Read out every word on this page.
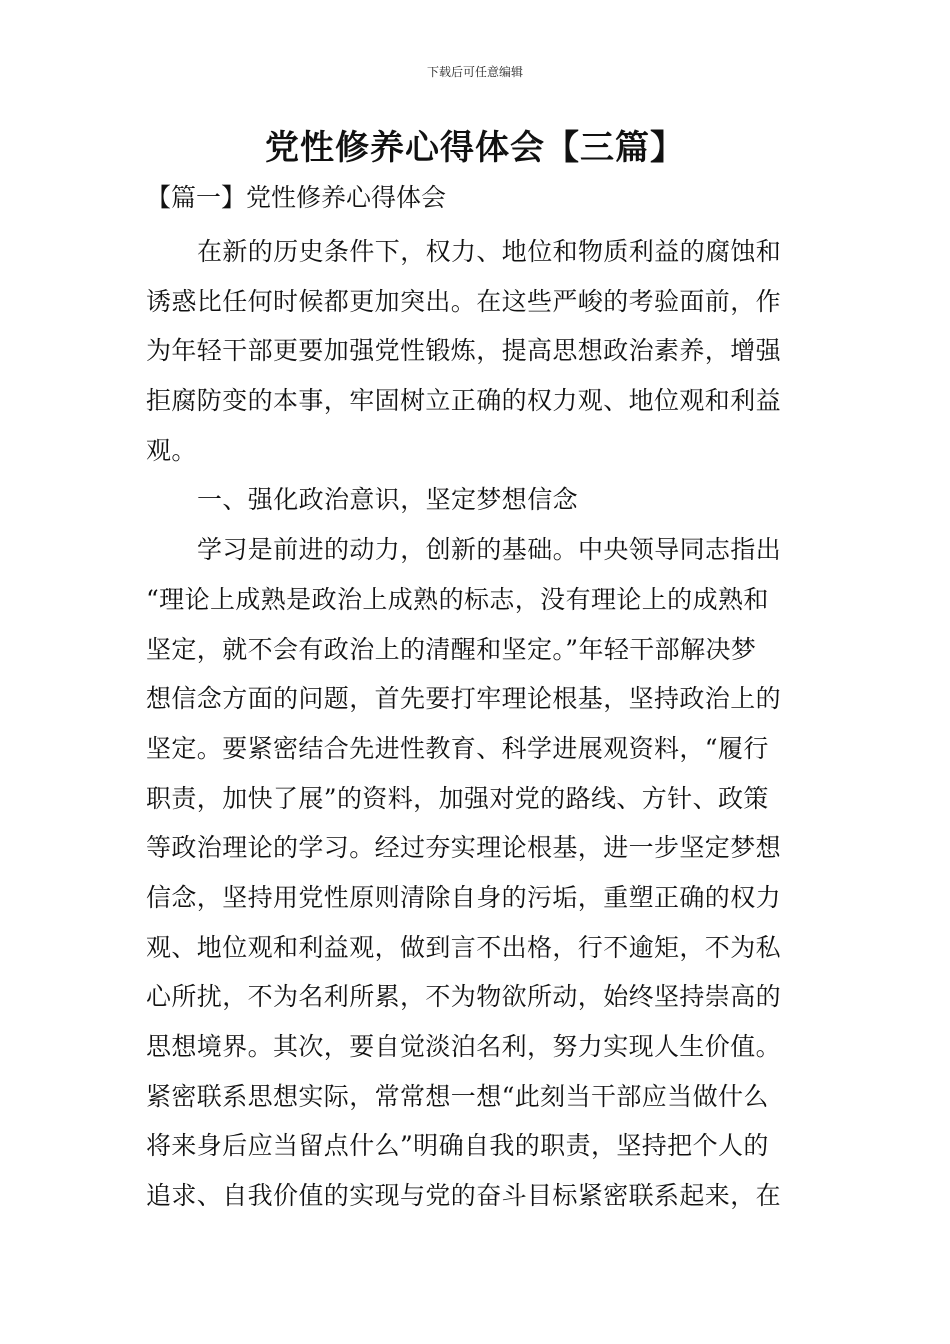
下载后可任意编辑
党性修养心得体会【三篇】
【篇一】党性修养心得体会
在新的历史条件下，权力、地位和物质利益的腐蚀和
诱惑比任何时候都更加突出。在这些严峻的考验面前，作
为年轻干部更要加强党性锻炼，提高思想政治素养，增强
拒腐防变的本事，牢固树立正确的权力观、地位观和利益
观。
一、强化政治意识，坚定梦想信念
学习是前进的动力，创新的基础。中央领导同志指出
“理论上成熟是政治上成熟的标志，没有理论上的成熟和
坚定，就不会有政治上的清醒和坚定。”年轻干部解决梦
想信念方面的问题，首先要打牢理论根基，坚持政治上的
坚定。要紧密结合先进性教育、科学进展观资料，“履行
职责，加快了展”的资料，加强对党的路线、方针、政策
等政治理论的学习。经过夯实理论根基，进一步坚定梦想
信念，坚持用党性原则清除自身的污垢，重塑正确的权力
观、地位观和利益观，做到言不出格，行不逾矩，不为私
心所扰，不为名利所累，不为物欲所动，始终坚持崇高的
思想境界。其次，要自觉淡泊名利，努力实现人生价值。
紧密联系思想实际，常常想一想“此刻当干部应当做什么
将来身后应当留点什么”明确自我的职责，坚持把个人的
追求、自我价值的实现与党的奋斗目标紧密联系起来，在
